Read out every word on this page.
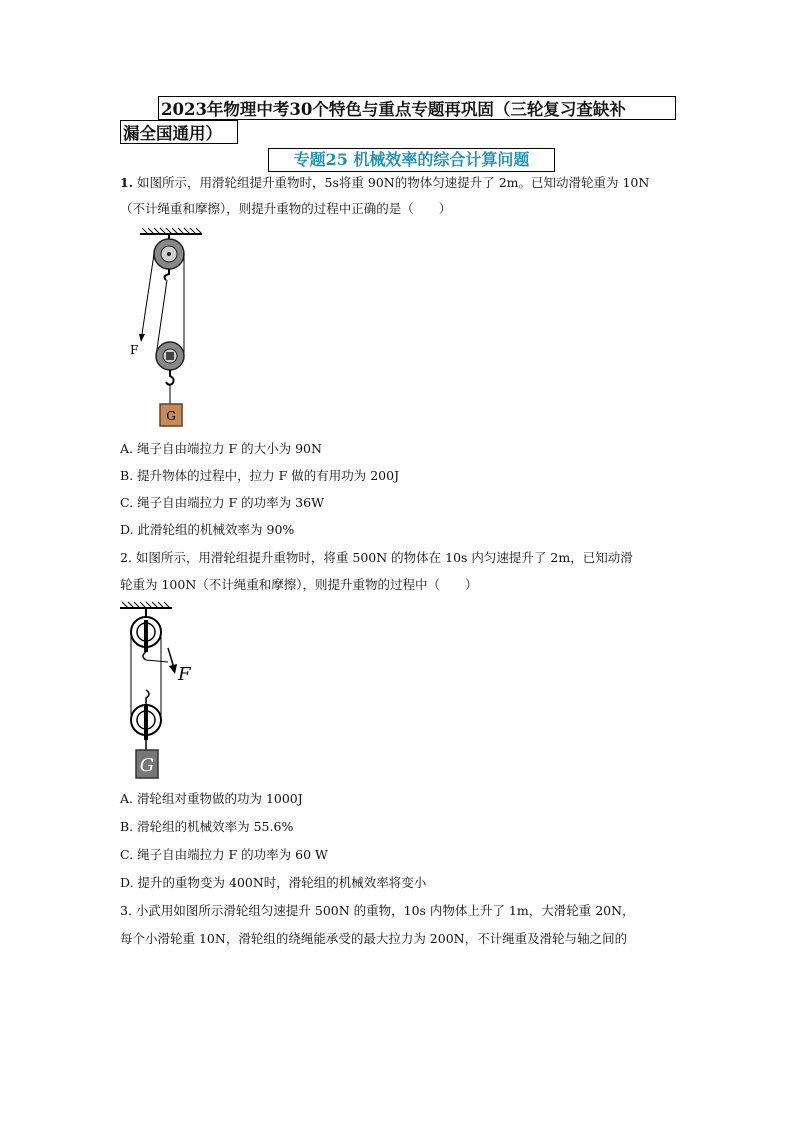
2023年物理中考30个特色与重点专题再巩固（三轮复习查缺补
漏全国通用）
专题25 机械效率的综合计算问题
1. 如图所示，用滑轮组提升重物时，5s将重 90N的物体匀速提升了 2m。已知动滑轮重为 10N
（不计绳重和摩擦），则提升重物的过程中正确的是（　　）
G
F
A. 绳子自由端拉力 F 的大小为 90N
B. 提升物体的过程中，拉力 F 做的有用功为 200J
C. 绳子自由端拉力 F 的功率为 36W
D. 此滑轮组的机械效率为 90%
2. 如图所示，用滑轮组提升重物时，将重 500N 的物体在 10s 内匀速提升了 2m，已知动滑
轮重为 100N（不计绳重和摩擦），则提升重物的过程中（　　）
F
G
A. 滑轮组对重物做的功为 1000J
B. 滑轮组的机械效率为 55.6%
C. 绳子自由端拉力 F 的功率为 60 W
D. 提升的重物变为 400N时，滑轮组的机械效率将变小
3. 小武用如图所示滑轮组匀速提升 500N 的重物，10s 内物体上升了 1m，大滑轮重 20N，
每个小滑轮重 10N，滑轮组的绕绳能承受的最大拉力为 200N，不计绳重及滑轮与轴之间的
